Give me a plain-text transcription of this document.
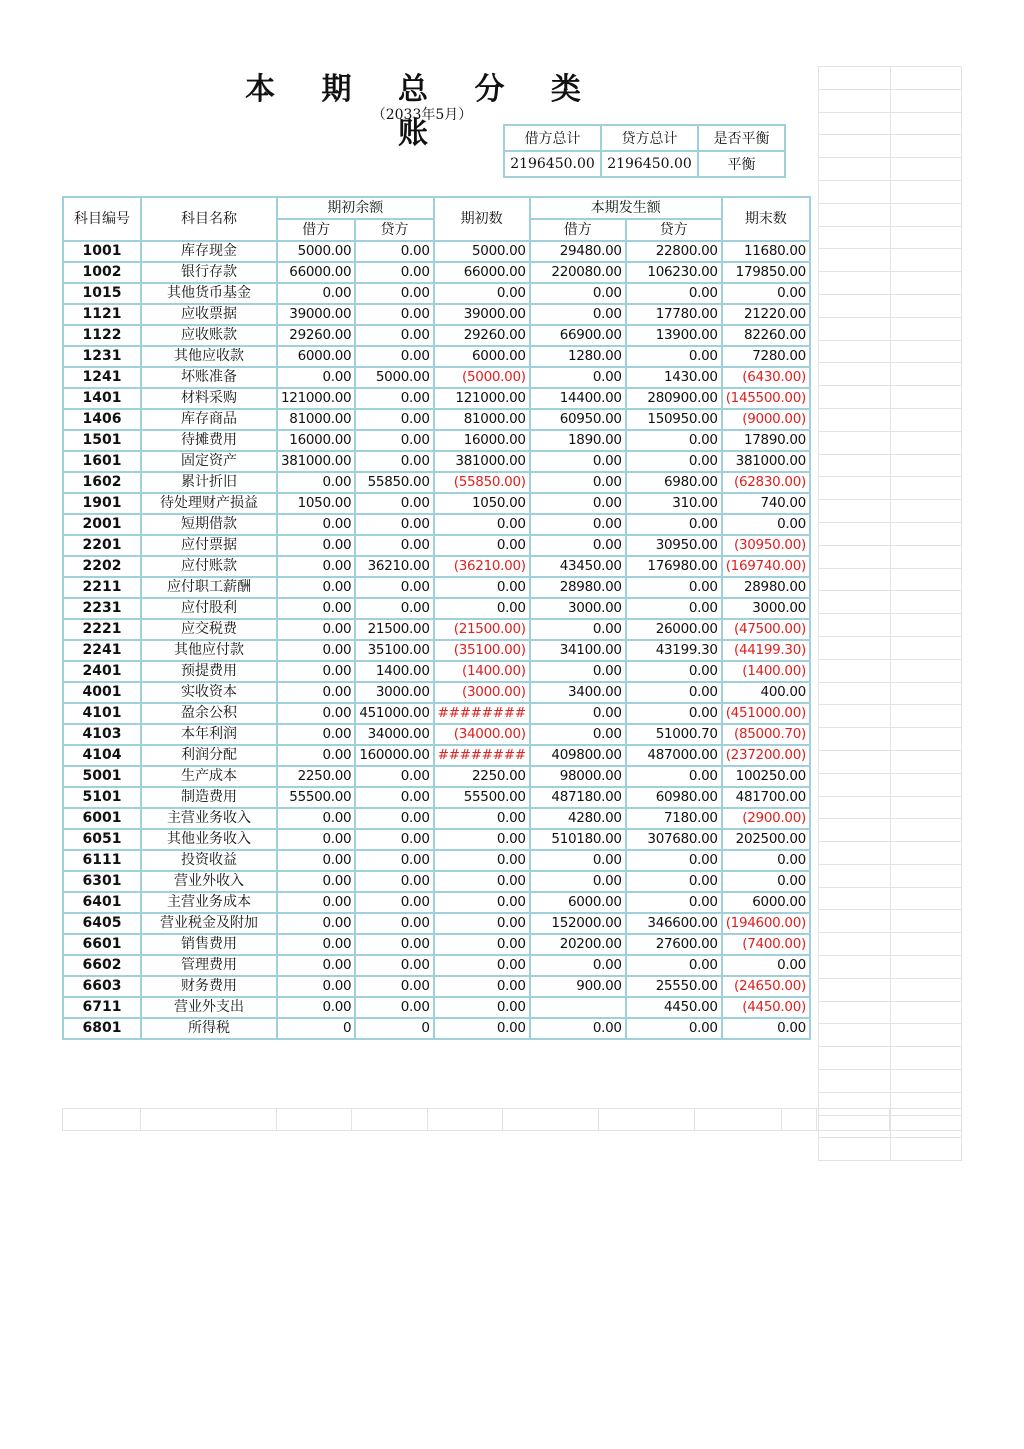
本 期 总 分 类 账
（2033年5月）
借方总计	贷方总计	是否平衡
2196450.00	2196450.00	平衡
科目编号	科目名称	期初余额		期初数	本期发生额		期末数
		借方	贷方		借方	贷方	
1001	库存现金	5000.00	0.00	5000.00	29480.00	22800.00	11680.00
1002	银行存款	66000.00	0.00	66000.00	220080.00	106230.00	179850.00
1015	其他货币基金	0.00	0.00	0.00	0.00	0.00	0.00
1121	应收票据	39000.00	0.00	39000.00	0.00	17780.00	21220.00
1122	应收账款	29260.00	0.00	29260.00	66900.00	13900.00	82260.00
1231	其他应收款	6000.00	0.00	6000.00	1280.00	0.00	7280.00
1241	坏账准备	0.00	5000.00	(5000.00)	0.00	1430.00	(6430.00)
1401	材料采购	121000.00	0.00	121000.00	14400.00	280900.00	(145500.00)
1406	库存商品	81000.00	0.00	81000.00	60950.00	150950.00	(9000.00)
1501	待摊费用	16000.00	0.00	16000.00	1890.00	0.00	17890.00
1601	固定资产	381000.00	0.00	381000.00	0.00	0.00	381000.00
1602	累计折旧	0.00	55850.00	(55850.00)	0.00	6980.00	(62830.00)
1901	待处理财产损益	1050.00	0.00	1050.00	0.00	310.00	740.00
2001	短期借款	0.00	0.00	0.00	0.00	0.00	0.00
2201	应付票据	0.00	0.00	0.00	0.00	30950.00	(30950.00)
2202	应付账款	0.00	36210.00	(36210.00)	43450.00	176980.00	(169740.00)
2211	应付职工薪酬	0.00	0.00	0.00	28980.00	0.00	28980.00
2231	应付股利	0.00	0.00	0.00	3000.00	0.00	3000.00
2221	应交税费	0.00	21500.00	(21500.00)	0.00	26000.00	(47500.00)
2241	其他应付款	0.00	35100.00	(35100.00)	34100.00	43199.30	(44199.30)
2401	预提费用	0.00	1400.00	(1400.00)	0.00	0.00	(1400.00)
4001	实收资本	0.00	3000.00	(3000.00)	3400.00	0.00	400.00
4101	盈余公积	0.00	451000.00	########	0.00	0.00	(451000.00)
4103	本年利润	0.00	34000.00	(34000.00)	0.00	51000.70	(85000.70)
4104	利润分配	0.00	160000.00	########	409800.00	487000.00	(237200.00)
5001	生产成本	2250.00	0.00	2250.00	98000.00	0.00	100250.00
5101	制造费用	55500.00	0.00	55500.00	487180.00	60980.00	481700.00
6001	主营业务收入	0.00	0.00	0.00	4280.00	7180.00	(2900.00)
6051	其他业务收入	0.00	0.00	0.00	510180.00	307680.00	202500.00
6111	投资收益	0.00	0.00	0.00	0.00	0.00	0.00
6301	营业外收入	0.00	0.00	0.00	0.00	0.00	0.00
6401	主营业务成本	0.00	0.00	0.00	6000.00	0.00	6000.00
6405	营业税金及附加	0.00	0.00	0.00	152000.00	346600.00	(194600.00)
6601	销售费用	0.00	0.00	0.00	20200.00	27600.00	(7400.00)
6602	管理费用	0.00	0.00	0.00	0.00	0.00	0.00
6603	财务费用	0.00	0.00	0.00	900.00	25550.00	(24650.00)
6711	营业外支出	0.00	0.00	0.00		4450.00	(4450.00)
6801	所得税	0	0	0.00	0.00	0.00	0.00
